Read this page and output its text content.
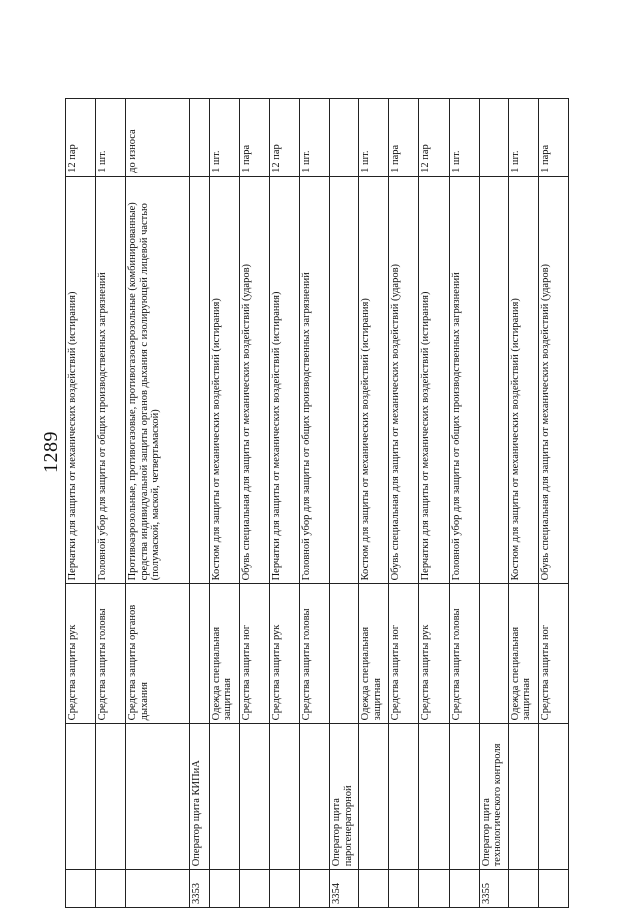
1289
		Средства защиты рук	Перчатки для защиты от механических воздействий (истирания)	12 пар
		Средства защиты головы	Головной убор для защиты от общих производственных загрязнений	1 шт.
		Средства защиты органов дыхания	Противоаэрозольные, противогазовые, противогазоаэрозольные (комбинированные) средства индивидуальной защиты органов дыхания с изолирующей лицевой частью (полумаской, маской, четвертьмаской)	до износа
3353	Оператор щита КИПиА			
		Одежда специальная защитная	Костюм для защиты от механических воздействий (истирания)	1 шт.
		Средства защиты ног	Обувь специальная для защиты от механических воздействий (ударов)	1 пара
		Средства защиты рук	Перчатки для защиты от механических воздействий (истирания)	12 пар
		Средства защиты головы	Головной убор для защиты от общих производственных загрязнений	1 шт.
3354	Оператор щита парогенераторной			
		Одежда специальная защитная	Костюм для защиты от механических воздействий (истирания)	1 шт.
		Средства защиты ног	Обувь специальная для защиты от механических воздействий (ударов)	1 пара
		Средства защиты рук	Перчатки для защиты от механических воздействий (истирания)	12 пар
		Средства защиты головы	Головной убор для защиты от общих производственных загрязнений	1 шт.
3355	Оператор щита технологического контроля			
		Одежда специальная защитная	Костюм для защиты от механических воздействий (истирания)	1 шт.
		Средства защиты ног	Обувь специальная для защиты от механических воздействий (ударов)	1 пара
